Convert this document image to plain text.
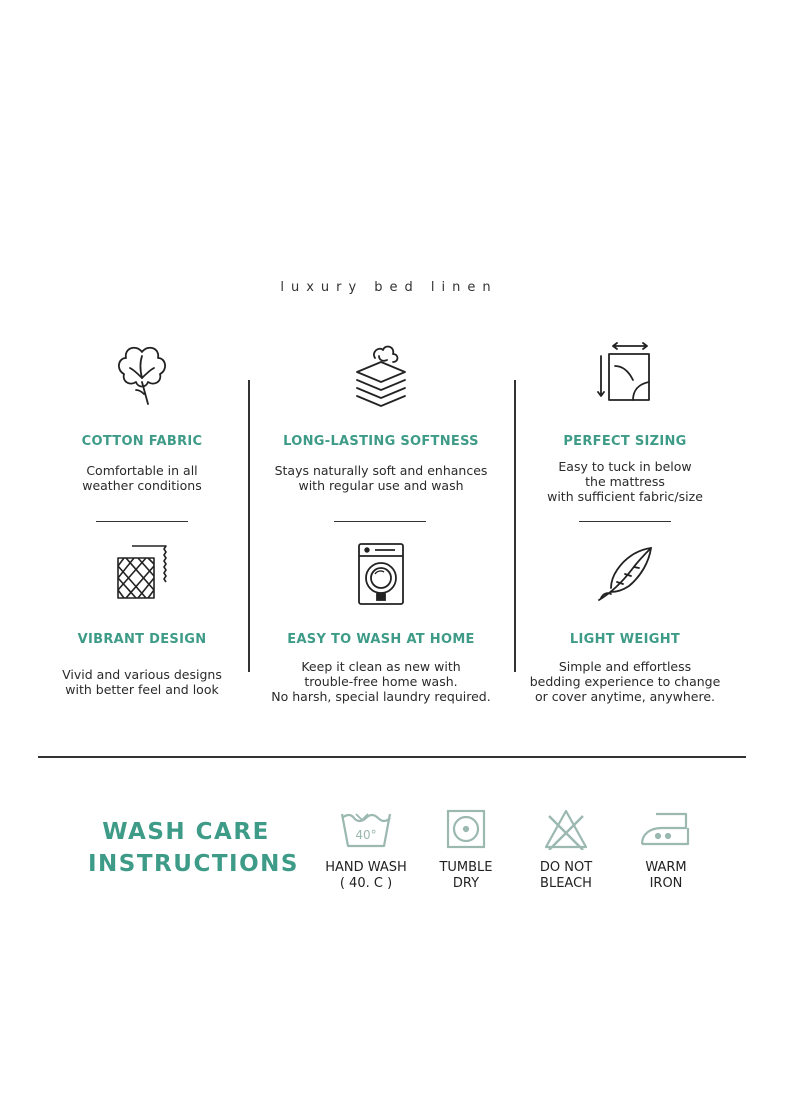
luxury bed linen
COTTON FABRIC
Comfortable in all
weather conditions
LONG-LASTING SOFTNESS
Stays naturally soft and enhances
with regular use and wash
PERFECT SIZING
Easy to tuck in below
the mattress
with sufficient fabric/size
VIBRANT DESIGN
Vivid and various designs
with better feel and look
EASY TO WASH AT HOME
Keep it clean as new with
trouble-free home wash.
No harsh, special laundry required.
LIGHT WEIGHT
Simple and effortless
bedding experience to change
or cover anytime, anywhere.
WASH CARE
INSTRUCTIONS
40°
HAND WASH
( 40. C )
TUMBLE
DRY
DO NOT
BLEACH
WARM
IRON
